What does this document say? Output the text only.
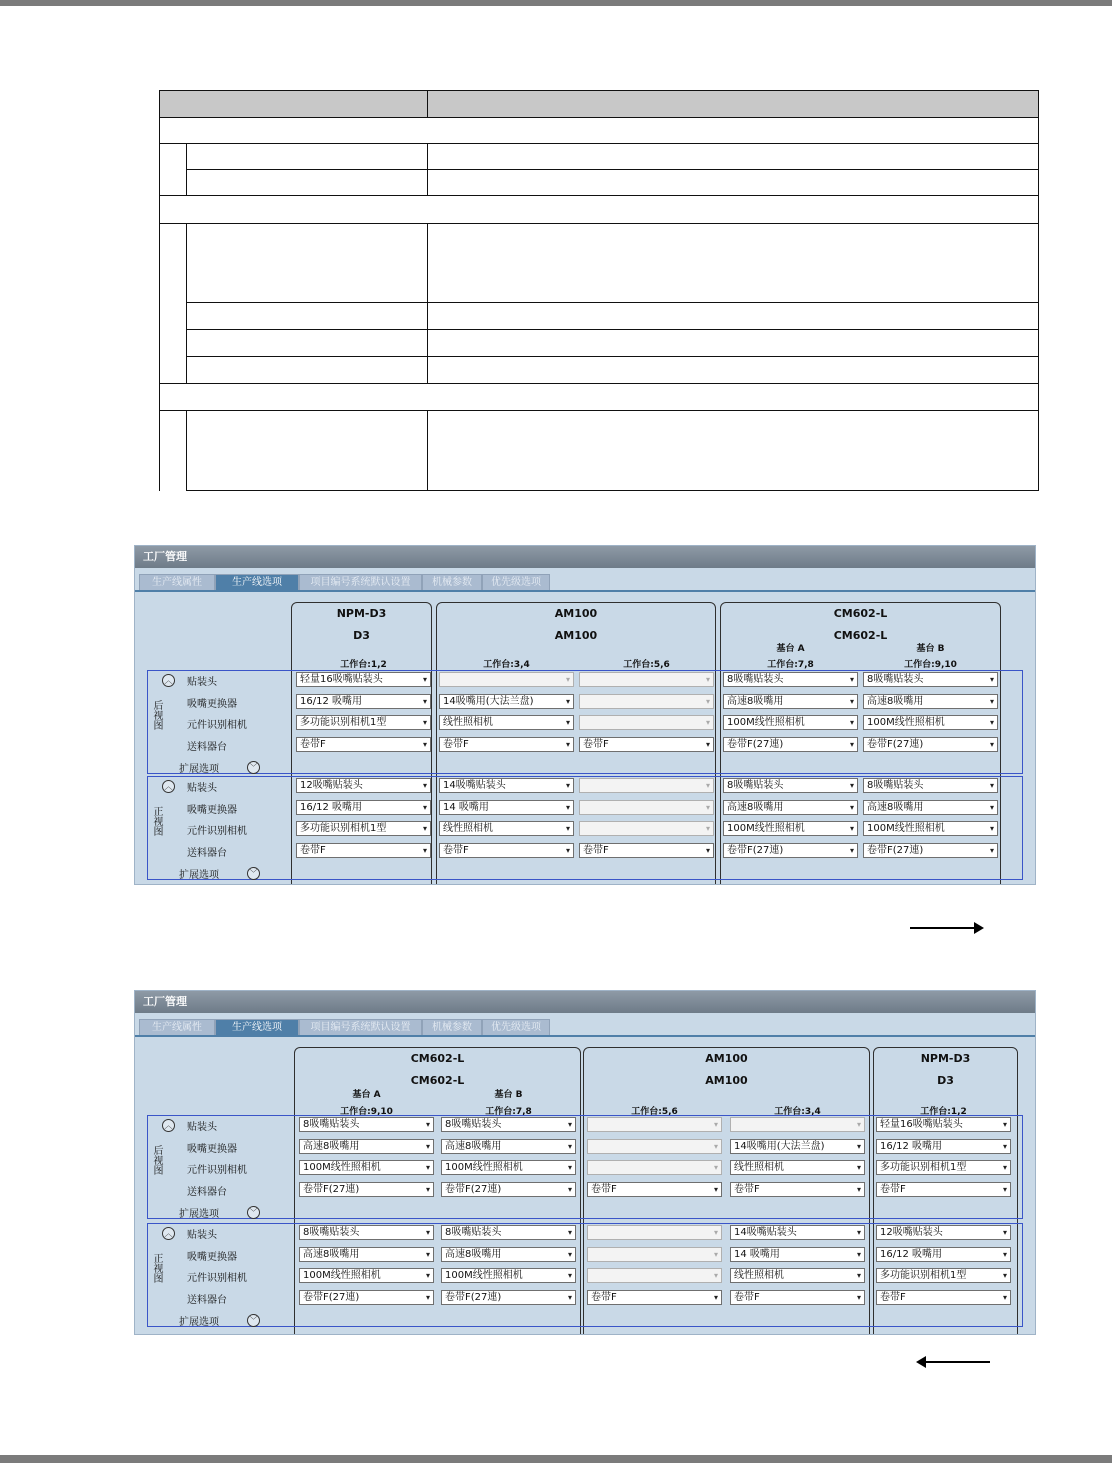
工厂管理
生产线属性	生产线选项	项目编号系统默认设置	机械参数	优先级选项
NPM-D3
D3
工作台:1,2
AM100
AM100
工作台:3,4	工作台:5,6
CM602-L
CM602-L
基台 A
工作台:7,8
基台 B
工作台:9,10
后视图
︿ 贴装头	轻量16吸嘴贴装头	▾	▾	▾	8吸嘴贴装头	▾	8吸嘴贴装头	▾
吸嘴更换器	16/12 吸嘴用	▾	14吸嘴用(大法兰盘)	▾	▾	高速8吸嘴用	▾	高速8吸嘴用	▾
元件识别相机	多功能识别相机1型	▾	线性照相机	▾	▾	100M线性照相机	▾	100M线性照相机	▾
送料器台	卷带F	▾	卷带F	▾	卷带F	▾	卷带F(27連)	▾	卷带F(27連)	▾
扩展选项	﹀
正视图
︿ 贴装头	12吸嘴贴装头	▾	14吸嘴贴装头	▾	▾	8吸嘴贴装头	▾	8吸嘴贴装头	▾
吸嘴更换器	16/12 吸嘴用	▾	14 吸嘴用	▾	▾	高速8吸嘴用	▾	高速8吸嘴用	▾
元件识别相机	多功能识别相机1型	▾	线性照相机	▾	▾	100M线性照相机	▾	100M线性照相机	▾
送料器台	卷带F	▾	卷带F	▾	卷带F	▾	卷带F(27連)	▾	卷带F(27連)	▾
扩展选项	﹀
工厂管理
生产线属性	生产线选项	项目编号系统默认设置	机械参数	优先级选项
CM602-L
CM602-L
基台 A
工作台:9,10
基台 B
工作台:7,8
AM100
AM100
工作台:5,6	工作台:3,4
NPM-D3
D3
工作台:1,2
后视图
︿ 贴装头	8吸嘴贴装头	▾	8吸嘴贴装头	▾	▾	▾	轻量16吸嘴贴装头	▾
吸嘴更换器	高速8吸嘴用	▾	高速8吸嘴用	▾	▾	14吸嘴用(大法兰盘)	▾	16/12 吸嘴用	▾
元件识别相机	100M线性照相机	▾	100M线性照相机	▾	▾	线性照相机	▾	多功能识别相机1型	▾
送料器台	卷带F(27連)	▾	卷带F(27連)	▾	卷带F	▾	卷带F	▾	卷带F	▾
扩展选项	﹀
正视图
︿ 贴装头	8吸嘴贴装头	▾	8吸嘴贴装头	▾	▾	14吸嘴贴装头	▾	12吸嘴贴装头	▾
吸嘴更换器	高速8吸嘴用	▾	高速8吸嘴用	▾	▾	14 吸嘴用	▾	16/12 吸嘴用	▾
元件识别相机	100M线性照相机	▾	100M线性照相机	▾	▾	线性照相机	▾	多功能识别相机1型	▾
送料器台	卷带F(27連)	▾	卷带F(27連)	▾	卷带F	▾	卷带F	▾	卷带F	▾
扩展选项	﹀
